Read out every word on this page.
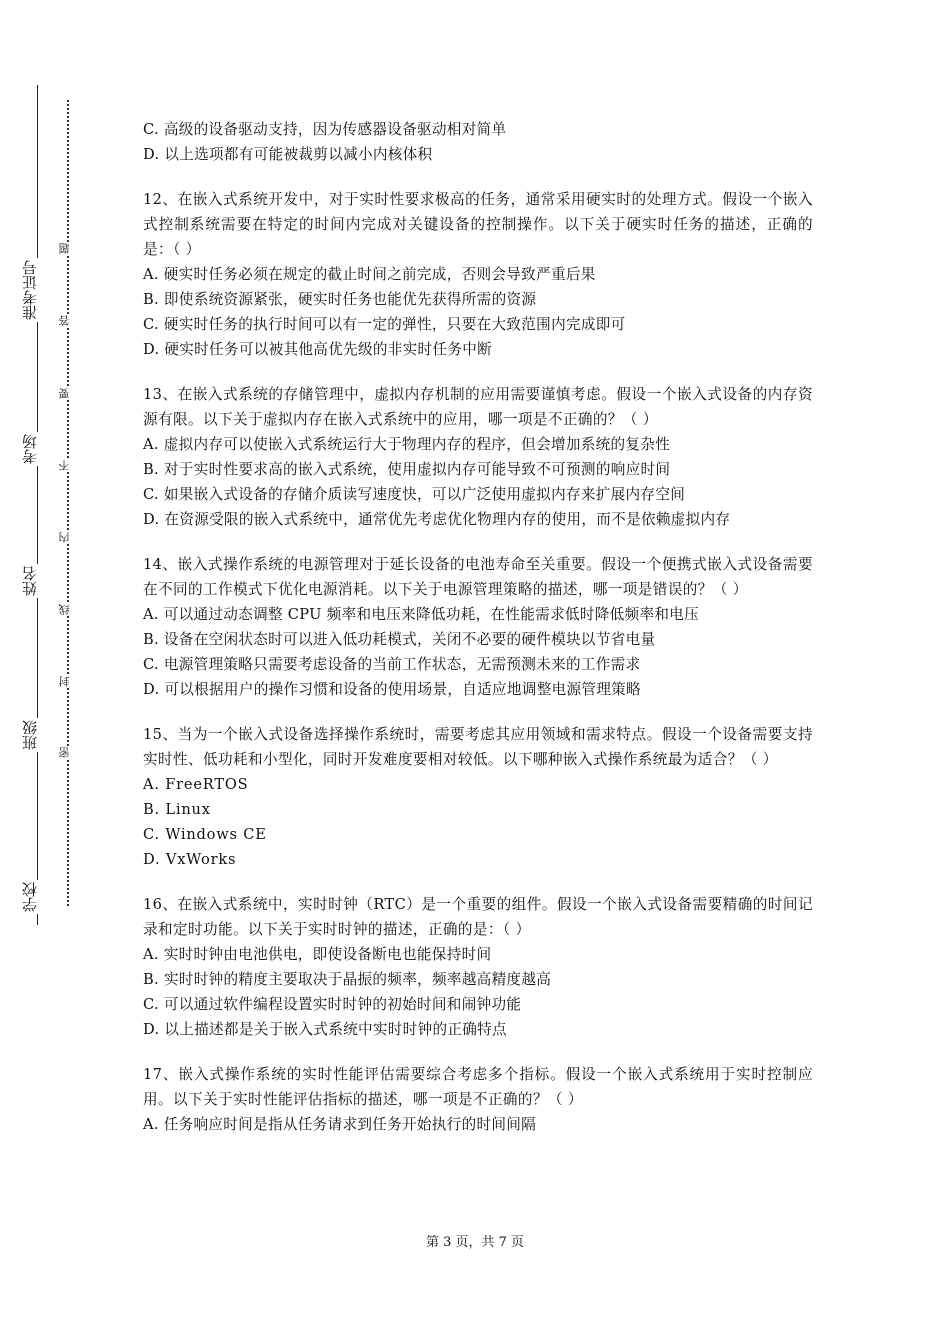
学校
班级
姓名
考场
准考证号
密
封
线
内
不
要
答
题
C. 高级的设备驱动支持，因为传感器设备驱动相对简单
D. 以上选项都有可能被裁剪以减小内核体积
12、在嵌入式系统开发中，对于实时性要求极高的任务，通常采用硬实时的处理方式。假设一个嵌入式控制系统需要在特定的时间内完成对关键设备的控制操作。以下关于硬实时任务的描述，正确的是：（ ）
A. 硬实时任务必须在规定的截止时间之前完成，否则会导致严重后果
B. 即使系统资源紧张，硬实时任务也能优先获得所需的资源
C. 硬实时任务的执行时间可以有一定的弹性，只要在大致范围内完成即可
D. 硬实时任务可以被其他高优先级的非实时任务中断
13、在嵌入式系统的存储管理中，虚拟内存机制的应用需要谨慎考虑。假设一个嵌入式设备的内存资源有限。以下关于虚拟内存在嵌入式系统中的应用，哪一项是不正确的？（ ）
A. 虚拟内存可以使嵌入式系统运行大于物理内存的程序，但会增加系统的复杂性
B. 对于实时性要求高的嵌入式系统，使用虚拟内存可能导致不可预测的响应时间
C. 如果嵌入式设备的存储介质读写速度快，可以广泛使用虚拟内存来扩展内存空间
D. 在资源受限的嵌入式系统中，通常优先考虑优化物理内存的使用，而不是依赖虚拟内存
14、嵌入式操作系统的电源管理对于延长设备的电池寿命至关重要。假设一个便携式嵌入式设备需要在不同的工作模式下优化电源消耗。以下关于电源管理策略的描述，哪一项是错误的？（ ）
A. 可以通过动态调整 CPU 频率和电压来降低功耗，在性能需求低时降低频率和电压
B. 设备在空闲状态时可以进入低功耗模式，关闭不必要的硬件模块以节省电量
C. 电源管理策略只需要考虑设备的当前工作状态，无需预测未来的工作需求
D. 可以根据用户的操作习惯和设备的使用场景，自适应地调整电源管理策略
15、当为一个嵌入式设备选择操作系统时，需要考虑其应用领域和需求特点。假设一个设备需要支持实时性、低功耗和小型化，同时开发难度要相对较低。以下哪种嵌入式操作系统最为适合？（ ）
A. FreeRTOS
B. Linux
C. Windows CE
D. VxWorks
16、在嵌入式系统中，实时时钟（RTC）是一个重要的组件。假设一个嵌入式设备需要精确的时间记录和定时功能。以下关于实时时钟的描述，正确的是：（ ）
A. 实时时钟由电池供电，即使设备断电也能保持时间
B. 实时时钟的精度主要取决于晶振的频率，频率越高精度越高
C. 可以通过软件编程设置实时时钟的初始时间和闹钟功能
D. 以上描述都是关于嵌入式系统中实时时钟的正确特点
17、嵌入式操作系统的实时性能评估需要综合考虑多个指标。假设一个嵌入式系统用于实时控制应用。以下关于实时性能评估指标的描述，哪一项是不正确的？（ ）
A. 任务响应时间是指从任务请求到任务开始执行的时间间隔
第 3 页，共 7 页
